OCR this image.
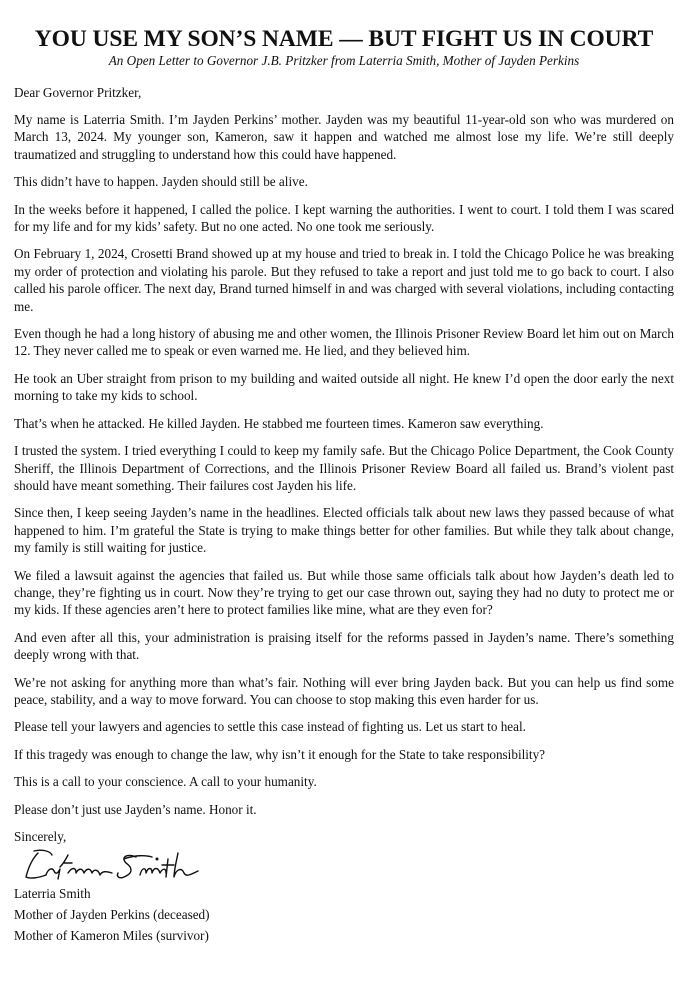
YOU USE MY SON’S NAME — BUT FIGHT US IN COURT

An Open Letter to Governor J.B. Pritzker from Laterria Smith, Mother of Jayden Perkins

Dear Governor Pritzker,

My name is Laterria Smith. I’m Jayden Perkins’ mother. Jayden was my beautiful 11-year-old son who was murdered on March 13, 2024. My younger son, Kameron, saw it happen and watched me almost lose my life. We’re still deeply traumatized and struggling to understand how this could have happened.

This didn’t have to happen. Jayden should still be alive.

In the weeks before it happened, I called the police. I kept warning the authorities. I went to court. I told them I was scared for my life and for my kids’ safety. But no one acted. No one took me seriously.

On February 1, 2024, Crosetti Brand showed up at my house and tried to break in. I told the Chicago Police he was breaking my order of protection and violating his parole. But they refused to take a report and just told me to go back to court. I also called his parole officer. The next day, Brand turned himself in and was charged with several violations, including contacting me.

Even though he had a long history of abusing me and other women, the Illinois Prisoner Review Board let him out on March 12. They never called me to speak or even warned me. He lied, and they believed him.

He took an Uber straight from prison to my building and waited outside all night. He knew I’d open the door early the next morning to take my kids to school.

That’s when he attacked. He killed Jayden. He stabbed me fourteen times. Kameron saw everything.

I trusted the system. I tried everything I could to keep my family safe. But the Chicago Police Department, the Cook County Sheriff, the Illinois Department of Corrections, and the Illinois Prisoner Review Board all failed us. Brand’s violent past should have meant something. Their failures cost Jayden his life.

Since then, I keep seeing Jayden’s name in the headlines. Elected officials talk about new laws they passed because of what happened to him. I’m grateful the State is trying to make things better for other families. But while they talk about change, my family is still waiting for justice.

We filed a lawsuit against the agencies that failed us. But while those same officials talk about how Jayden’s death led to change, they’re fighting us in court. Now they’re trying to get our case thrown out, saying they had no duty to protect me or my kids. If these agencies aren’t here to protect families like mine, what are they even for?

And even after all this, your administration is praising itself for the reforms passed in Jayden’s name. There’s something deeply wrong with that.

We’re not asking for anything more than what’s fair. Nothing will ever bring Jayden back. But you can help us find some peace, stability, and a way to move forward. You can choose to stop making this even harder for us.

Please tell your lawyers and agencies to settle this case instead of fighting us. Let us start to heal.

If this tragedy was enough to change the law, why isn’t it enough for the State to take responsibility?

This is a call to your conscience. A call to your humanity.

Please don’t just use Jayden’s name. Honor it.

Sincerely,

Laterria Smith

Mother of Jayden Perkins (deceased)

Mother of Kameron Miles (survivor)
